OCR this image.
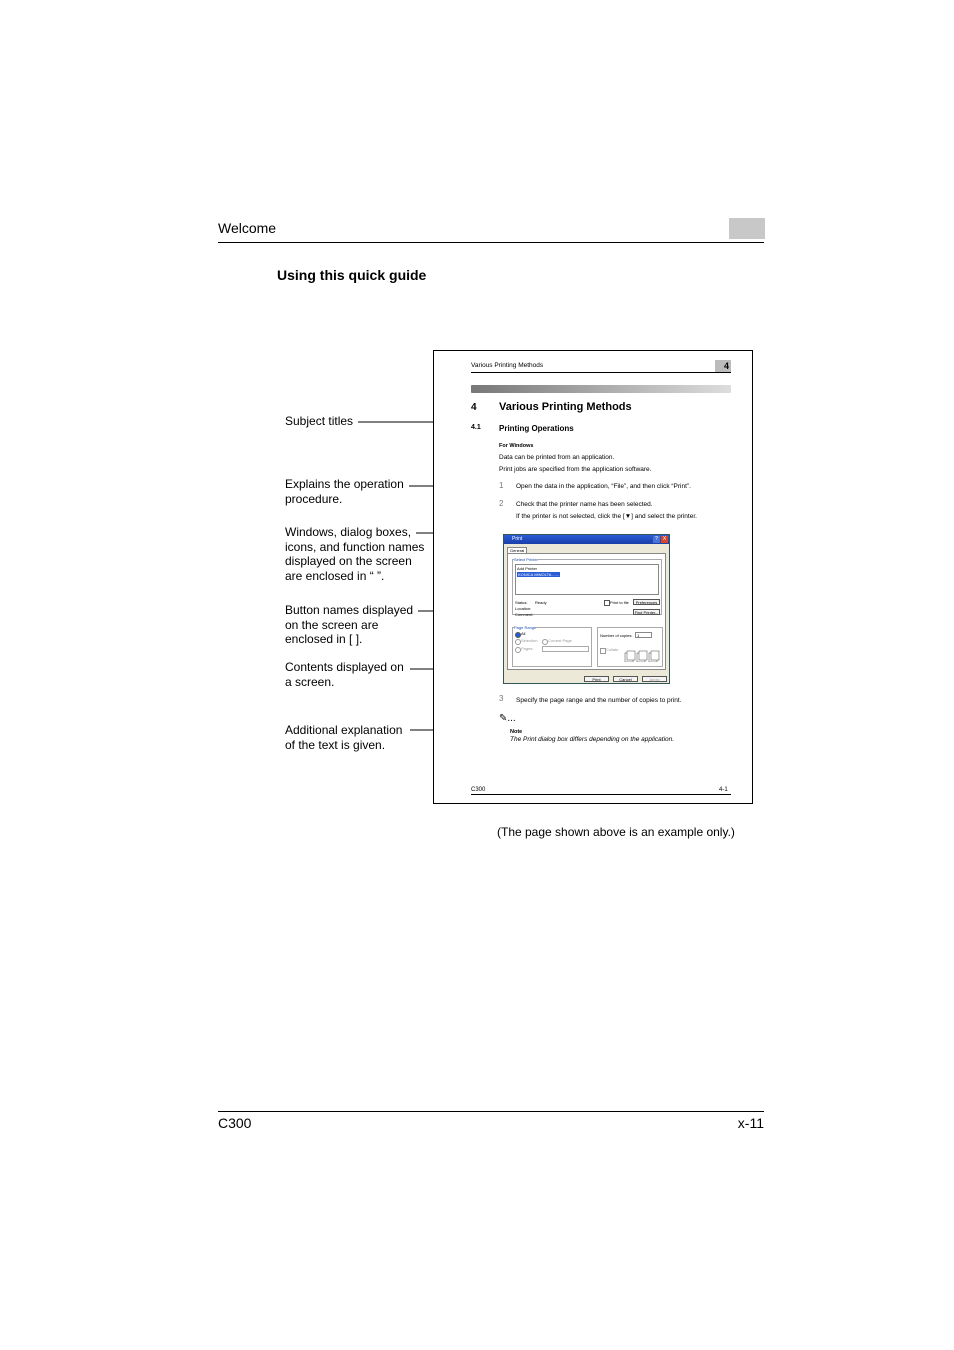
Welcome
Using this quick guide
Subject titles
Explains the operation
procedure.
Windows, dialog boxes,
icons, and function names
displayed on the screen
are enclosed in “ ”.
Button names displayed
on the screen are
enclosed in [ ].
Contents displayed on
a screen.
Additional explanation
of the text is given.
Various Printing Methods	4
4 Various Printing Methods
4.1 Printing Operations
For Windows
Data can be printed from an application.
Print jobs are specified from the application software.
1 Open the data in the application, “File”, and then click “Print”.
2 Check that the printer name has been selected.
If the printer is not selected, click the [▼] and select the printer.
Print	? X
General
Select Printer
Add Printer
KONICA MINOLTA ......
Status: Ready
Location:
Comment:
Print to file	Preferences
Find Printer...
Page Range
All
Selection	Current Page
Pages:
Number of copies:	1
Collate
Print	Cancel	Apply
3 Specify the page range and the number of copies to print.
✎...
Note
The Print dialog box differs depending on the application.
C300	4-1
(The page shown above is an example only.)
C300	x-11
